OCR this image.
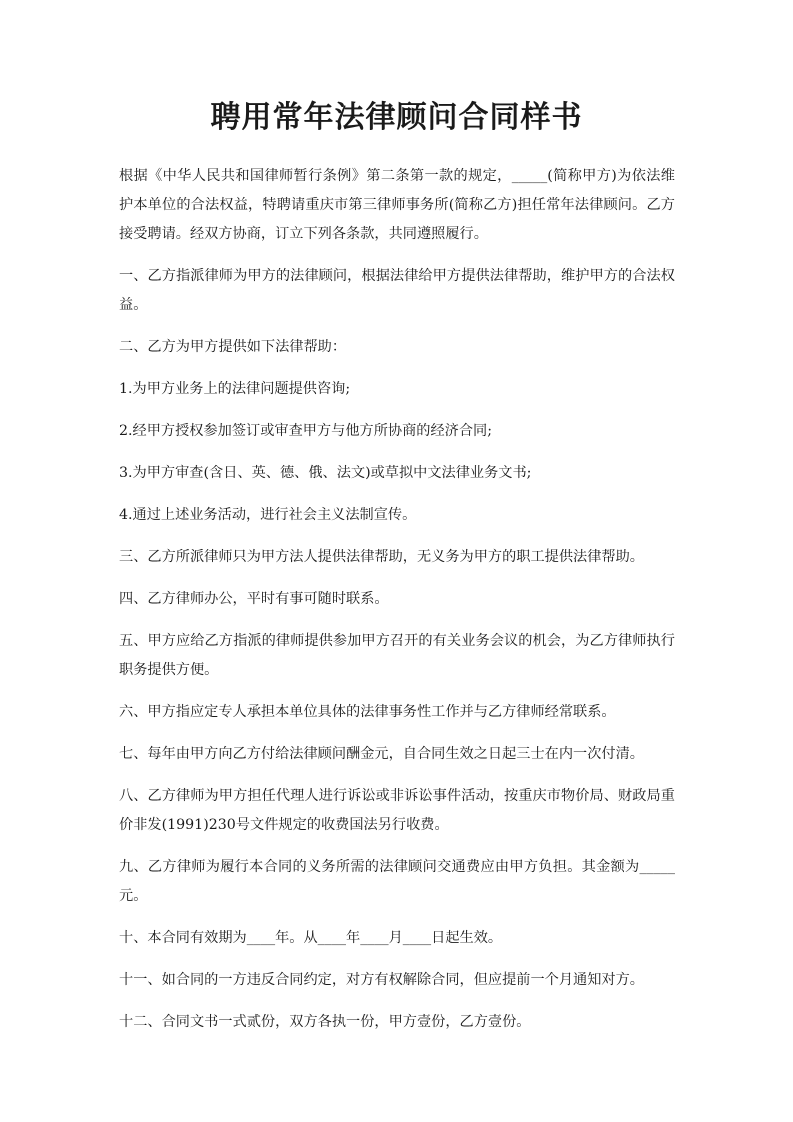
聘用常年法律顾问合同样书

根据《中华人民共和国律师暂行条例》第二条第一款的规定，_____(简称甲方)为依法维护本单位的合法权益，特聘请重庆市第三律师事务所(简称乙方)担任常年法律顾问。乙方接受聘请。经双方协商，订立下列各条款，共同遵照履行。

一、乙方指派律师为甲方的法律顾问，根据法律给甲方提供法律帮助，维护甲方的合法权益。

二、乙方为甲方提供如下法律帮助：

1.为甲方业务上的法律问题提供咨询;

2.经甲方授权参加签订或审查甲方与他方所协商的经济合同;

3.为甲方审查(含日、英、德、俄、法文)或草拟中文法律业务文书;

4.通过上述业务活动，进行社会主义法制宣传。

三、乙方所派律师只为甲方法人提供法律帮助，无义务为甲方的职工提供法律帮助。

四、乙方律师办公，平时有事可随时联系。

五、甲方应给乙方指派的律师提供参加甲方召开的有关业务会议的机会，为乙方律师执行职务提供方便。

六、甲方指应定专人承担本单位具体的法律事务性工作并与乙方律师经常联系。

七、每年由甲方向乙方付给法律顾问酬金元，自合同生效之日起三士在内一次付清。

八、乙方律师为甲方担任代理人进行诉讼或非诉讼事件活动，按重庆市物价局、财政局重价非发(1991)230号文件规定的收费国法另行收费。

九、乙方律师为履行本合同的义务所需的法律顾问交通费应由甲方负担。其金额为_____元。

十、本合同有效期为____年。从____年____月____日起生效。

十一、如合同的一方违反合同约定，对方有权解除合同，但应提前一个月通知对方。

十二、合同文书一式贰份，双方各执一份，甲方壹份，乙方壹份。
